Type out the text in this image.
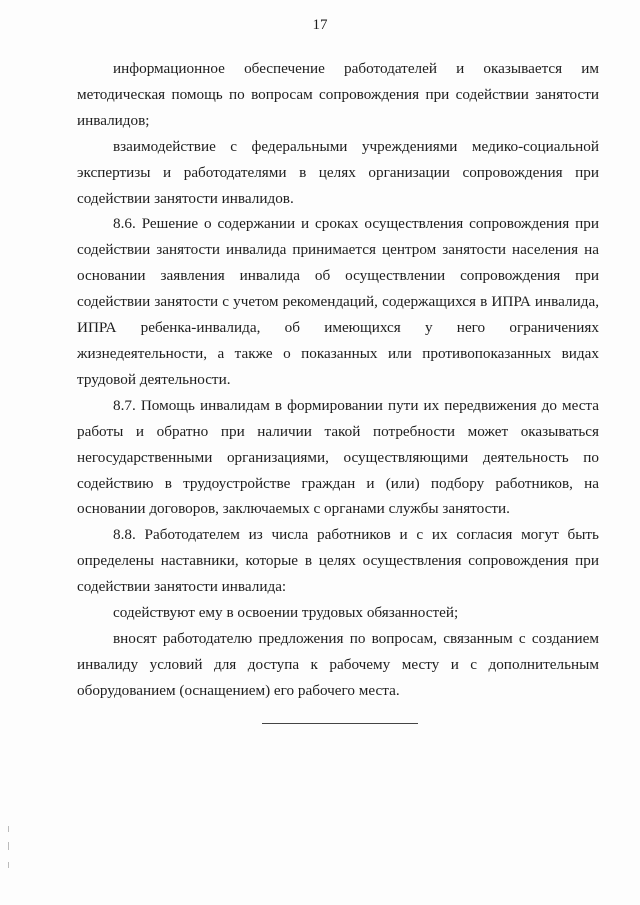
17

информационное обеспечение работодателей и оказывается им методическая помощь по вопросам сопровождения при содействии занятости инвалидов;

взаимодействие с федеральными учреждениями медико-социальной экспертизы и работодателями в целях организации сопровождения при содействии занятости инвалидов.

8.6. Решение о содержании и сроках осуществления сопровождения при содействии занятости инвалида принимается центром занятости населения на основании заявления инвалида об осуществлении сопровождения при содействии занятости с учетом рекомендаций, содержащихся в ИПРА инвалида, ИПРА ребенка-инвалида, об имеющихся у него ограничениях жизнедеятельности, а также о показанных или противопоказанных видах трудовой деятельности.

8.7. Помощь инвалидам в формировании пути их передвижения до места работы и обратно при наличии такой потребности может оказываться негосударственными организациями, осуществляющими деятельность по содействию в трудоустройстве граждан и (или) подбору работников, на основании договоров, заключаемых с органами службы занятости.

8.8. Работодателем из числа работников и с их согласия могут быть определены наставники, которые в целях осуществления сопровождения при содействии занятости инвалида:

содействуют ему в освоении трудовых обязанностей;

вносят работодателю предложения по вопросам, связанным с созданием инвалиду условий для доступа к рабочему месту и с дополнительным оборудованием (оснащением) его рабочего места.
